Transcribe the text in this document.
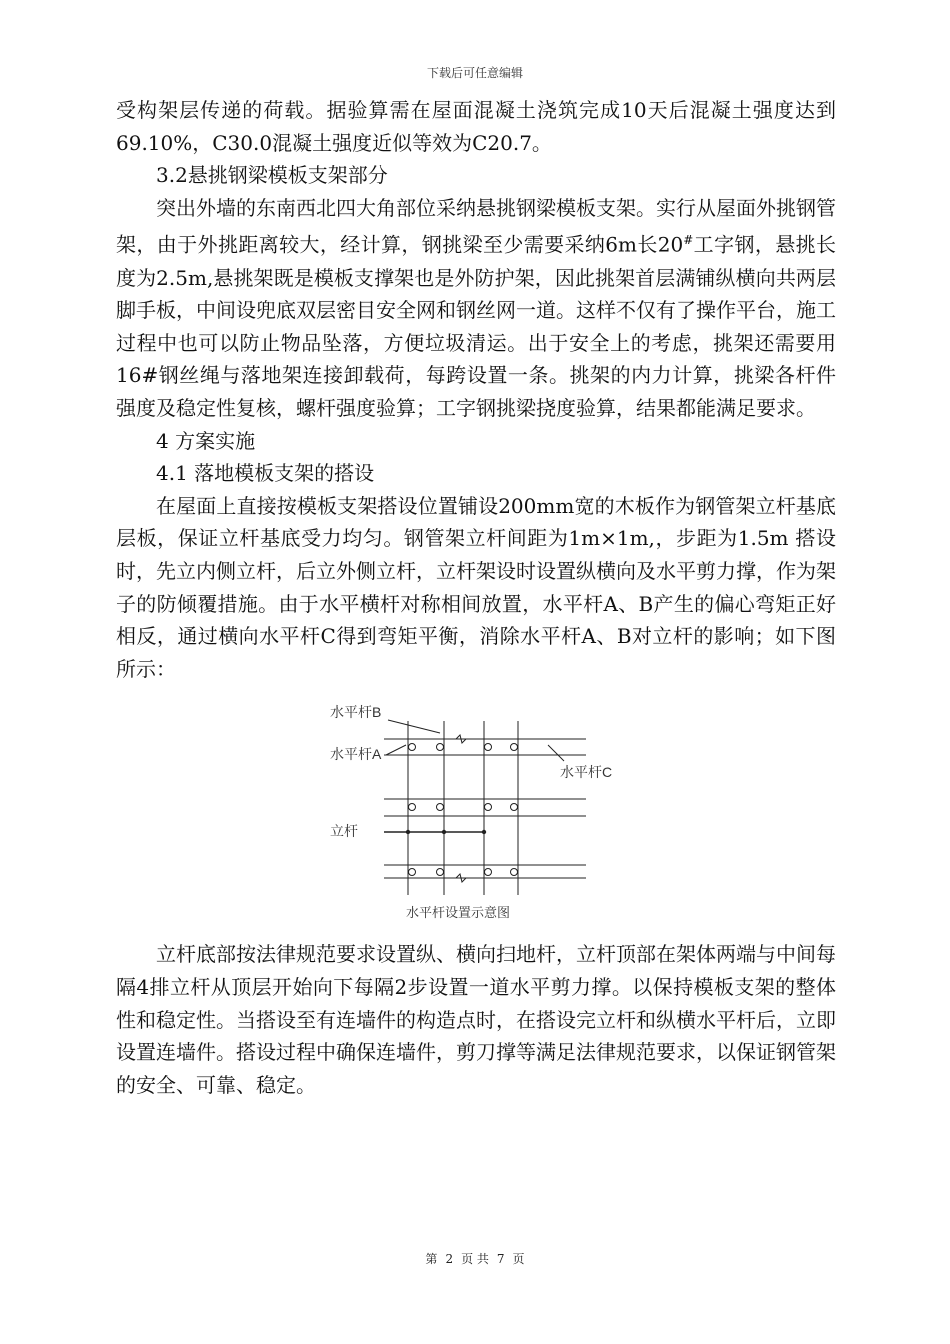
下载后可任意编辑

受构架层传递的荷载。据验算需在屋面混凝土浇筑完成10天后混凝土强度达到69.10%，C30.0混凝土强度近似等效为C20.7。

3.2悬挑钢梁模板支架部分

突出外墙的东南西北四大角部位采纳悬挑钢梁模板支架。实行从屋面外挑钢管架，由于外挑距离较大，经计算，钢挑梁至少需要采纳6m长20#工字钢，悬挑长度为2.5m,悬挑架既是模板支撑架也是外防护架，因此挑架首层满铺纵横向共两层脚手板，中间设兜底双层密目安全网和钢丝网一道。这样不仅有了操作平台，施工过程中也可以防止物品坠落，方便垃圾清运。出于安全上的考虑，挑架还需要用16#钢丝绳与落地架连接卸载荷，每跨设置一条。挑架的内力计算，挑梁各杆件强度及稳定性复核，螺杆强度验算；工字钢挑梁挠度验算，结果都能满足要求。

4 方案实施

4.1 落地模板支架的搭设

在屋面上直接按模板支架搭设位置铺设200mm宽的木板作为钢管架立杆基底层板，保证立杆基底受力均匀。钢管架立杆间距为1m×1m,，步距为1.5m 搭设时，先立内侧立杆，后立外侧立杆，立杆架设时设置纵横向及水平剪力撑，作为架子的防倾覆措施。由于水平横杆对称相间放置，水平杆A、B产生的偏心弯矩正好相反，通过横向水平杆C得到弯矩平衡，消除水平杆A、B对立杆的影响；如下图所示：

水平杆B
水平杆A
水平杆C
立杆
水平杆设置示意图

立杆底部按法律规范要求设置纵、横向扫地杆，立杆顶部在架体两端与中间每隔4排立杆从顶层开始向下每隔2步设置一道水平剪力撑。以保持模板支架的整体性和稳定性。当搭设至有连墙件的构造点时，在搭设完立杆和纵横水平杆后，立即设置连墙件。搭设过程中确保连墙件，剪刀撑等满足法律规范要求，以保证钢管架的安全、可靠、稳定。

第 2 页 共 7 页
